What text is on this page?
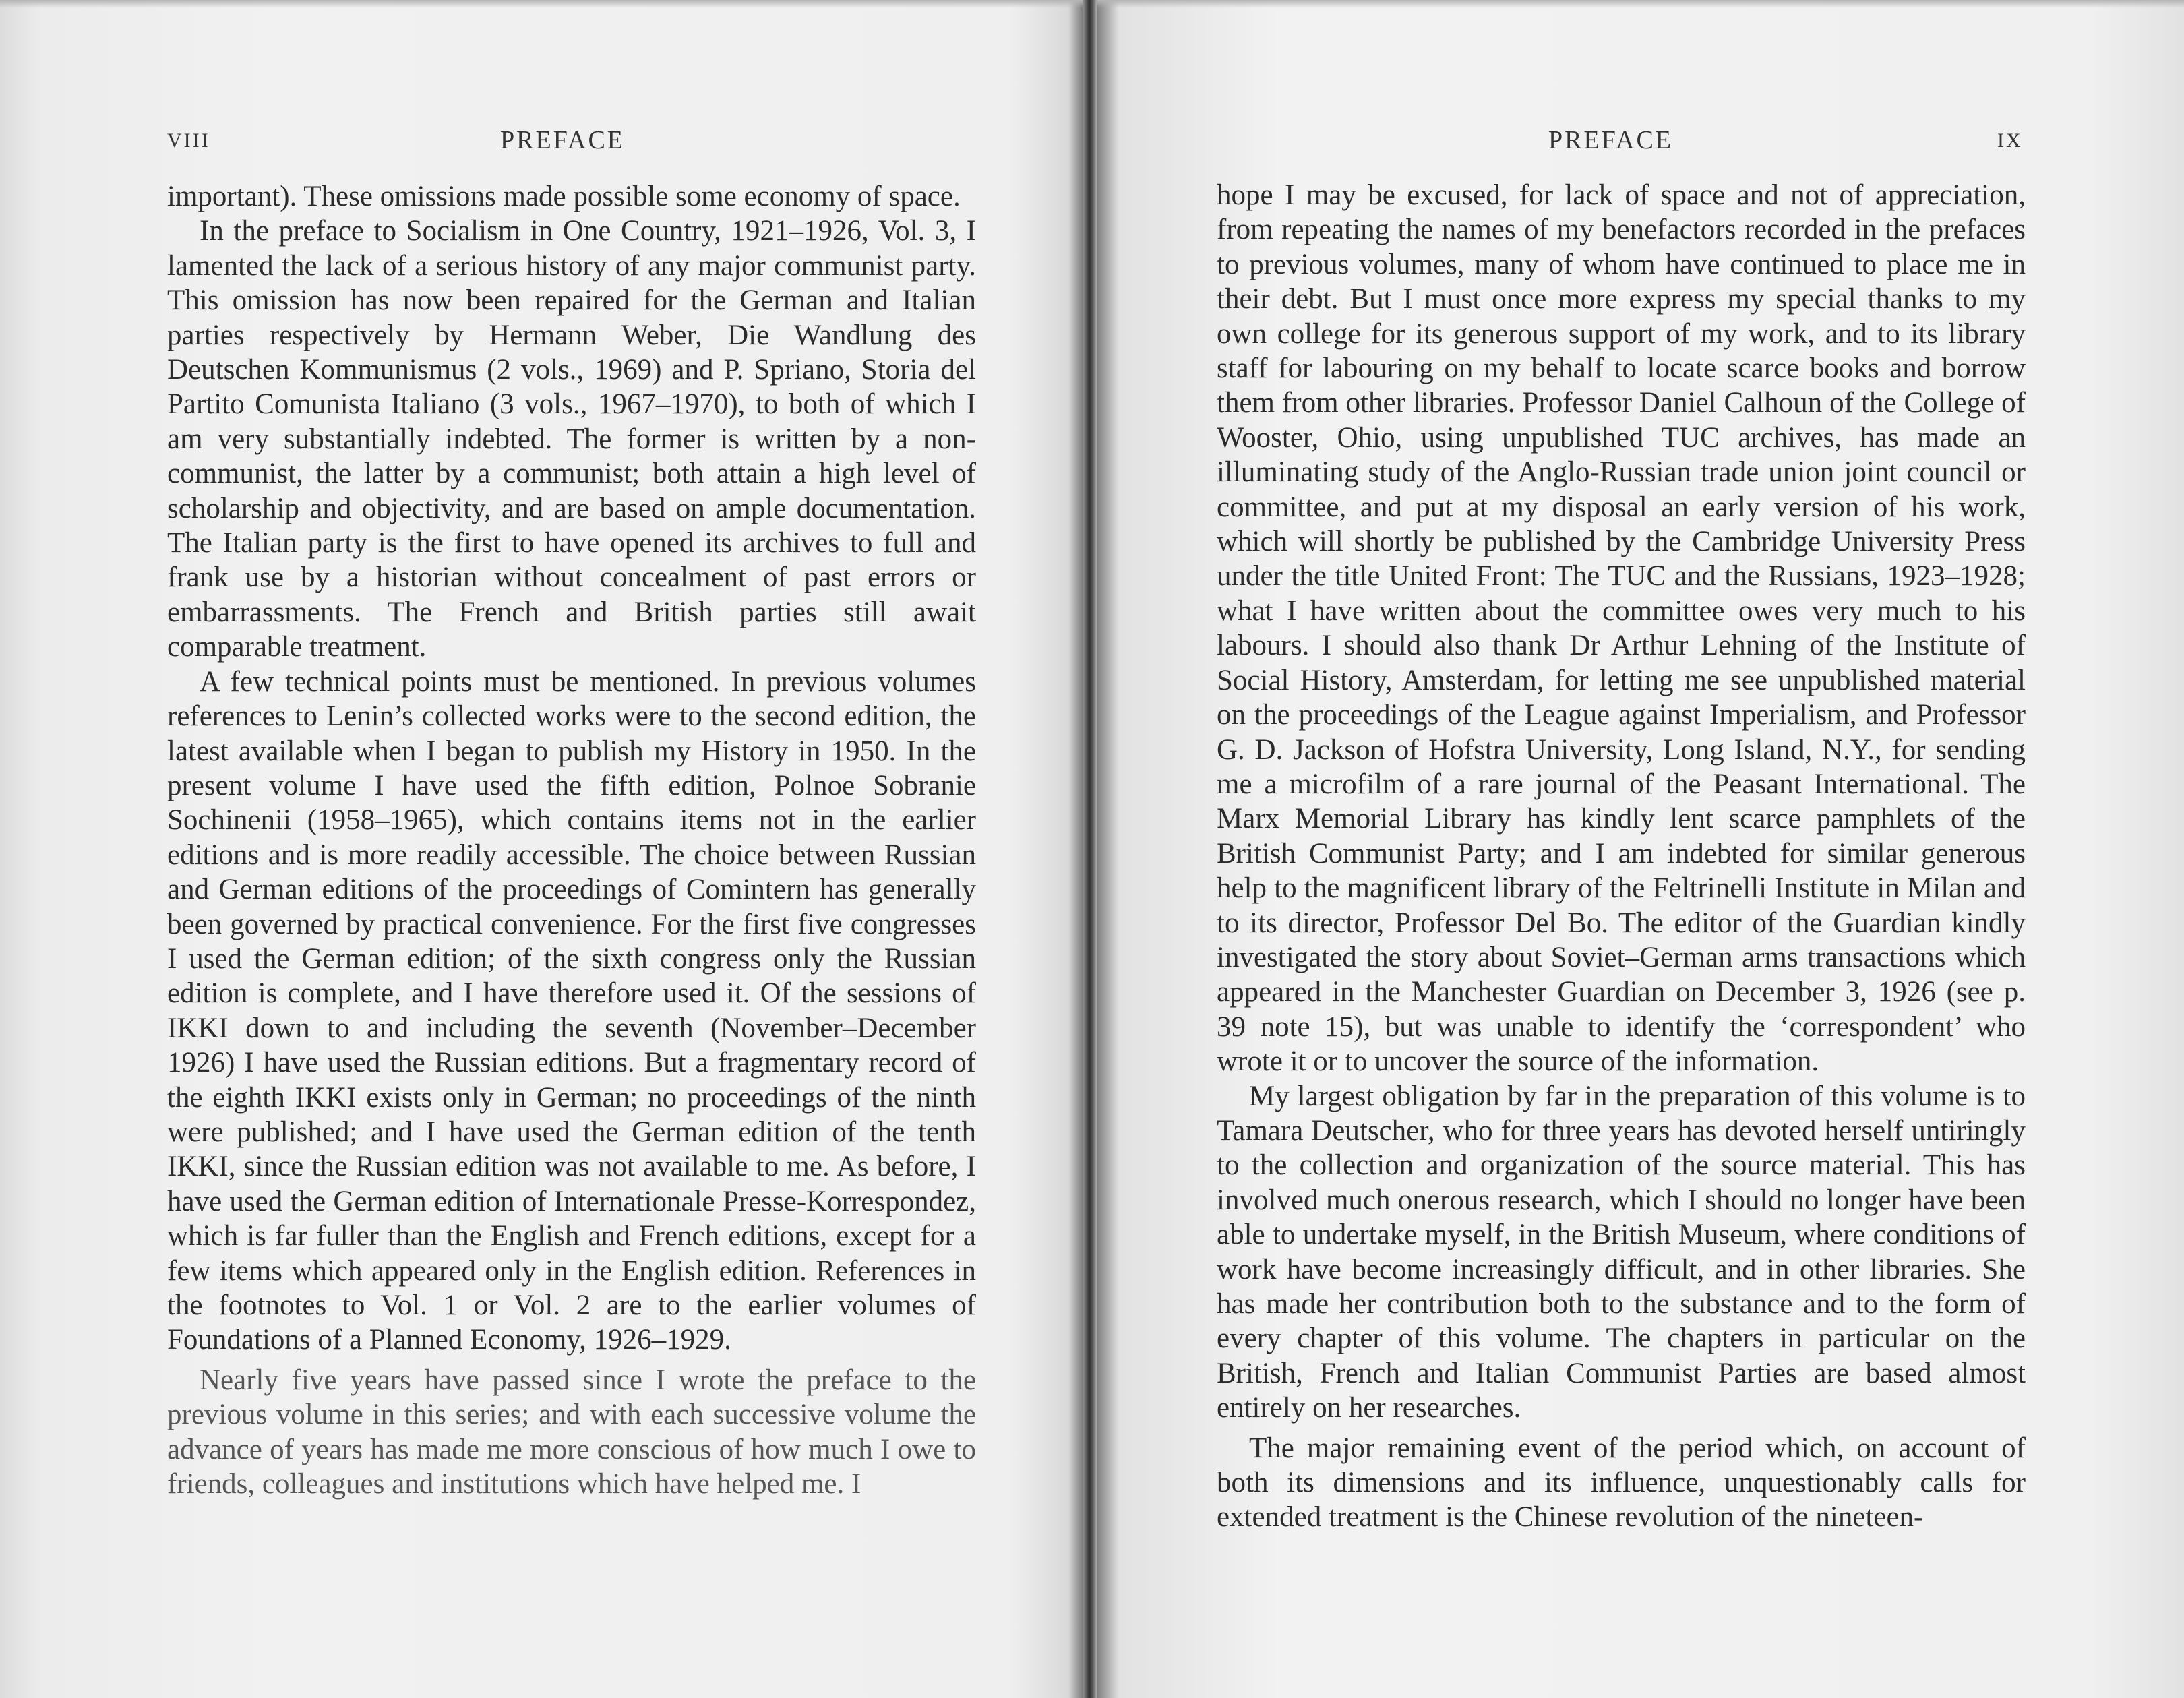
VIII	PREFACE

important). These omissions made possible some economy of space.

In the preface to Socialism in One Country, 1921–1926, Vol. 3, I lamented the lack of a serious history of any major communist party. This omission has now been repaired for the German and Italian parties respectively by Hermann Weber, Die Wandlung des Deutschen Kommunismus (2 vols., 1969) and P. Spriano, Storia del Partito Comunista Italiano (3 vols., 1967–1970), to both of which I am very substantially indebted. The former is written by a non-communist, the latter by a communist; both attain a high level of scholarship and objectivity, and are based on ample documentation. The Italian party is the first to have opened its archives to full and frank use by a historian without concealment of past errors or embarrassments. The French and British parties still await comparable treatment.

A few technical points must be mentioned. In previous volumes references to Lenin’s collected works were to the second edition, the latest available when I began to publish my History in 1950. In the present volume I have used the fifth edition, Polnoe Sobranie Sochinenii (1958–1965), which contains items not in the earlier editions and is more readily accessible. The choice between Russian and German editions of the proceedings of Comintern has generally been governed by practical convenience. For the first five congresses I used the German edition; of the sixth congress only the Russian edition is complete, and I have therefore used it. Of the sessions of IKKI down to and including the seventh (November–December 1926) I have used the Russian editions. But a fragmentary record of the eighth IKKI exists only in German; no proceedings of the ninth were published; and I have used the German edition of the tenth IKKI, since the Russian edition was not available to me. As before, I have used the German edition of Internationale Presse-Korrespondez, which is far fuller than the English and French editions, except for a few items which appeared only in the English edition. References in the footnotes to Vol. 1 or Vol. 2 are to the earlier volumes of Foundations of a Planned Economy, 1926–1929.

Nearly five years have passed since I wrote the preface to the previous volume in this series; and with each successive volume the advance of years has made me more conscious of how much I owe to friends, colleagues and institutions which have helped me. I

PREFACE	IX

hope I may be excused, for lack of space and not of appreciation, from repeating the names of my benefactors recorded in the prefaces to previous volumes, many of whom have continued to place me in their debt. But I must once more express my special thanks to my own college for its generous support of my work, and to its library staff for labouring on my behalf to locate scarce books and borrow them from other libraries. Professor Daniel Calhoun of the College of Wooster, Ohio, using unpublished TUC archives, has made an illuminating study of the Anglo-Russian trade union joint council or committee, and put at my disposal an early version of his work, which will shortly be published by the Cambridge University Press under the title United Front: The TUC and the Russians, 1923–1928; what I have written about the committee owes very much to his labours. I should also thank Dr Arthur Lehning of the Institute of Social History, Amsterdam, for letting me see unpublished material on the proceedings of the League against Imperialism, and Professor G. D. Jackson of Hofstra University, Long Island, N.Y., for sending me a microfilm of a rare journal of the Peasant International. The Marx Memorial Library has kindly lent scarce pamphlets of the British Communist Party; and I am indebted for similar generous help to the magnificent library of the Feltrinelli Institute in Milan and to its director, Professor Del Bo. The editor of the Guardian kindly investigated the story about Soviet–German arms transactions which appeared in the Manchester Guardian on December 3, 1926 (see p. 39 note 15), but was unable to identify the ‘correspondent’ who wrote it or to uncover the source of the information.

My largest obligation by far in the preparation of this volume is to Tamara Deutscher, who for three years has devoted herself untiringly to the collection and organization of the source material. This has involved much onerous research, which I should no longer have been able to undertake myself, in the British Museum, where conditions of work have become increasingly difficult, and in other libraries. She has made her contribution both to the substance and to the form of every chapter of this volume. The chapters in particular on the British, French and Italian Communist Parties are based almost entirely on her researches.

The major remaining event of the period which, on account of both its dimensions and its influence, unquestionably calls for extended treatment is the Chinese revolution of the nineteen-
